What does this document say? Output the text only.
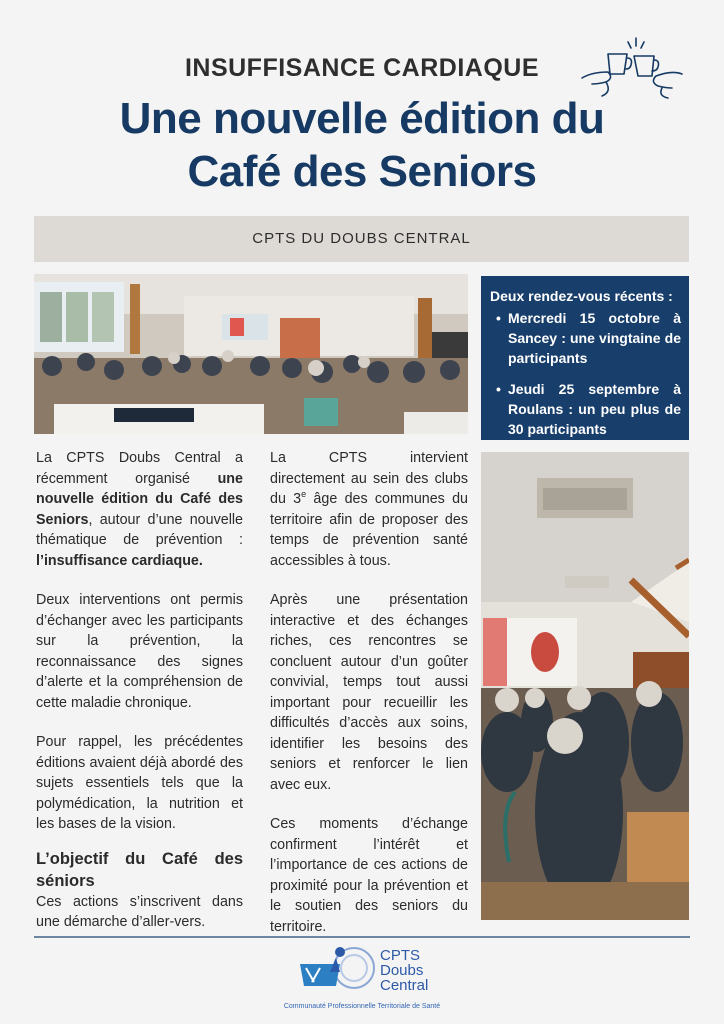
INSUFFISANCE CARDIAQUE
Une nouvelle édition du
Café des Seniors
CPTS DU DOUBS CENTRAL
Deux rendez-vous récents :
• Mercredi 15 octobre à Sancey : une vingtaine de participants
• Jeudi 25 septembre à Roulans : un peu plus de 30 participants

La CPTS Doubs Central a récemment organisé une nouvelle édition du Café des Seniors, autour d’une nouvelle thématique de prévention : l’insuffisance cardiaque.

Deux interventions ont permis d’échanger avec les participants sur la prévention, la reconnaissance des signes d’alerte et la compréhension de cette maladie chronique.

Pour rappel, les précédentes éditions avaient déjà abordé des sujets essentiels tels que la polymédication, la nutrition et les bases de la vision.

L’objectif du Café des séniors

Ces actions s’inscrivent dans une démarche d’aller-vers.

La CPTS intervient directement au sein des clubs du 3e âge des communes du territoire afin de proposer des temps de prévention santé accessibles à tous.

Après une présentation interactive et des échanges riches, ces rencontres se concluent autour d’un goûter convivial, temps tout aussi important pour recueillir les difficultés d’accès aux soins, identifier les besoins des seniors et renforcer le lien avec eux.

Ces moments d’échange confirment l’intérêt et l’importance de ces actions de proximité pour la prévention et le soutien des seniors du territoire.

CPTS
Doubs
Central
Communauté Professionnelle Territoriale de Santé
